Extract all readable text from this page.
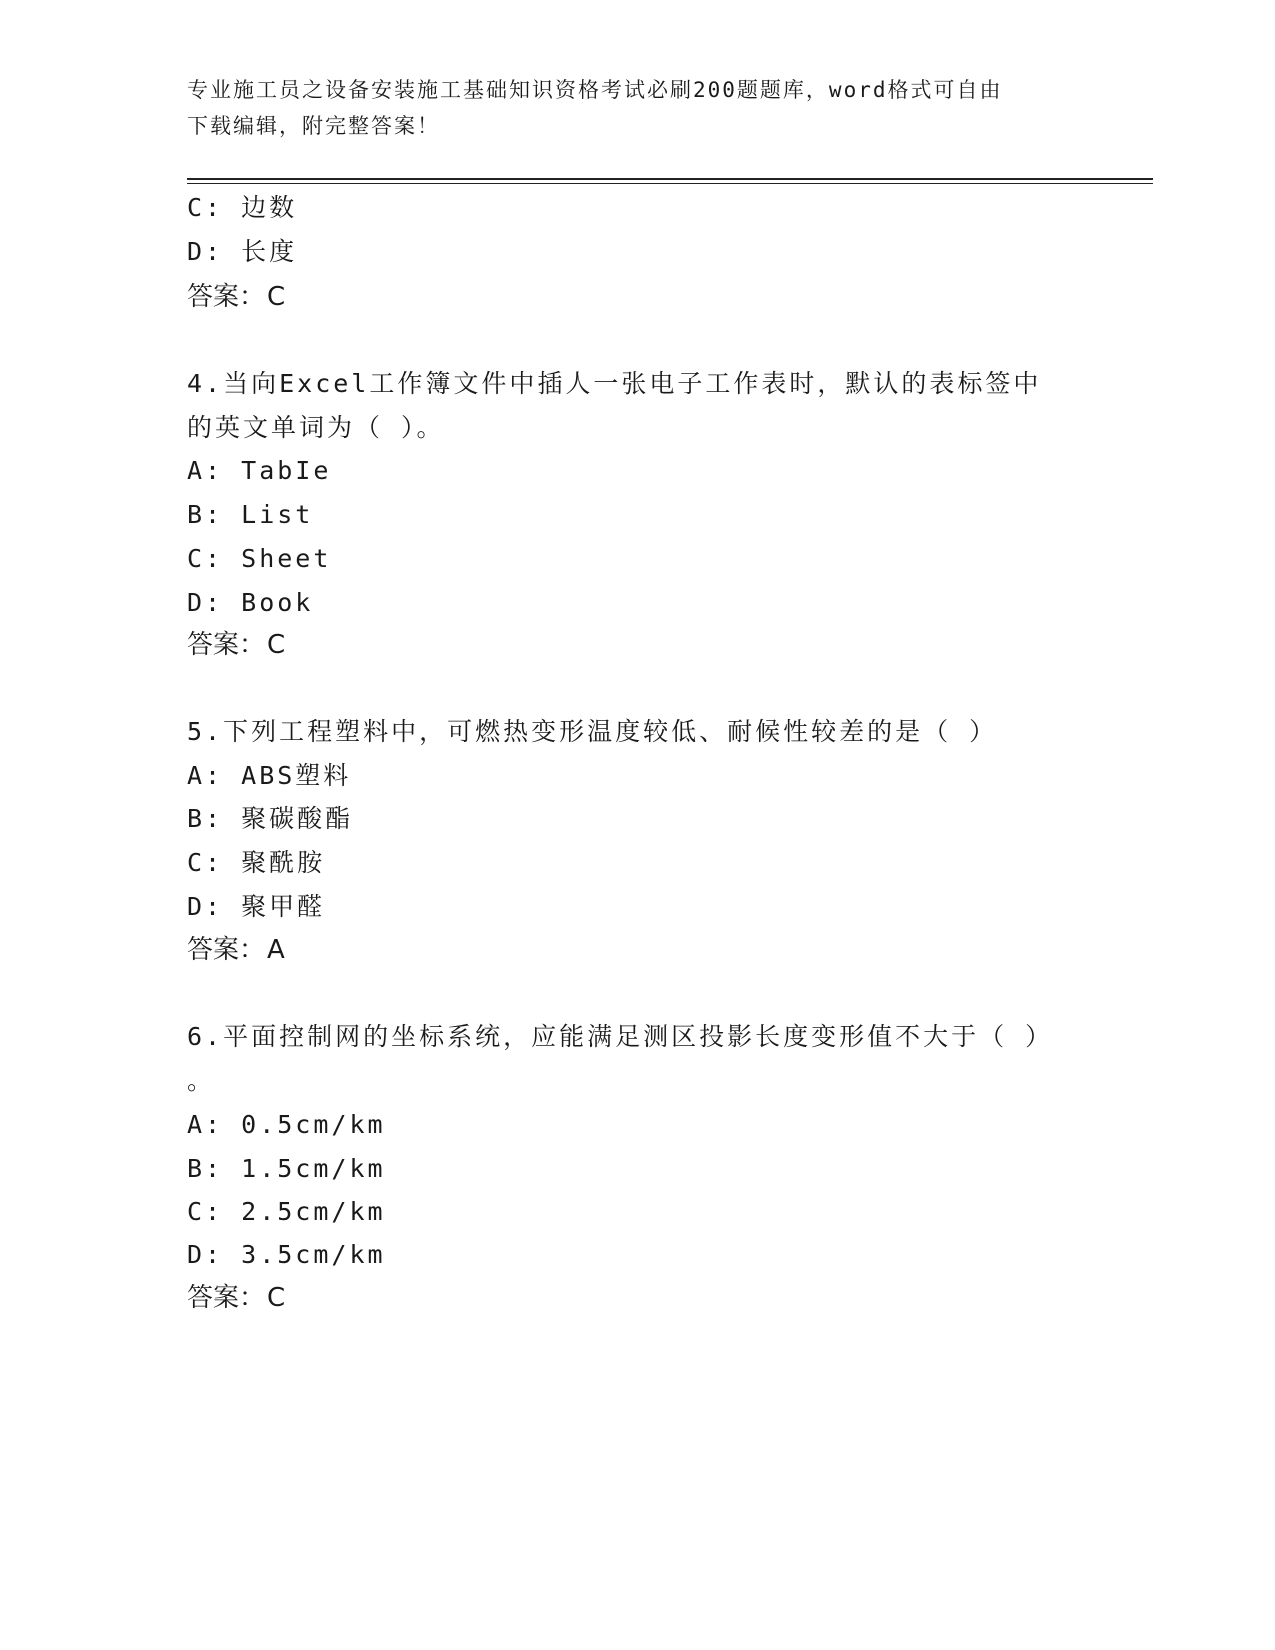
专业施工员之设备安装施工基础知识资格考试必刷200题题库，word格式可自由
下载编辑，附完整答案！
C: 边数
D: 长度
答案：C
4.当向Excel工作簿文件中插人一张电子工作表时，默认的表标签中
的英文单词为（ ）。
A: TabIe
B: List
C: Sheet
D: Book
答案：C
5.下列工程塑料中，可燃热变形温度较低、耐候性较差的是（ ）
A: ABS塑料
B: 聚碳酸酯
C: 聚酰胺
D: 聚甲醛
答案：A
6.平面控制网的坐标系统，应能满足测区投影长度变形值不大于（ ）
。
A: 0.5cm/km
B: 1.5cm/km
C: 2.5cm/km
D: 3.5cm/km
答案：C
